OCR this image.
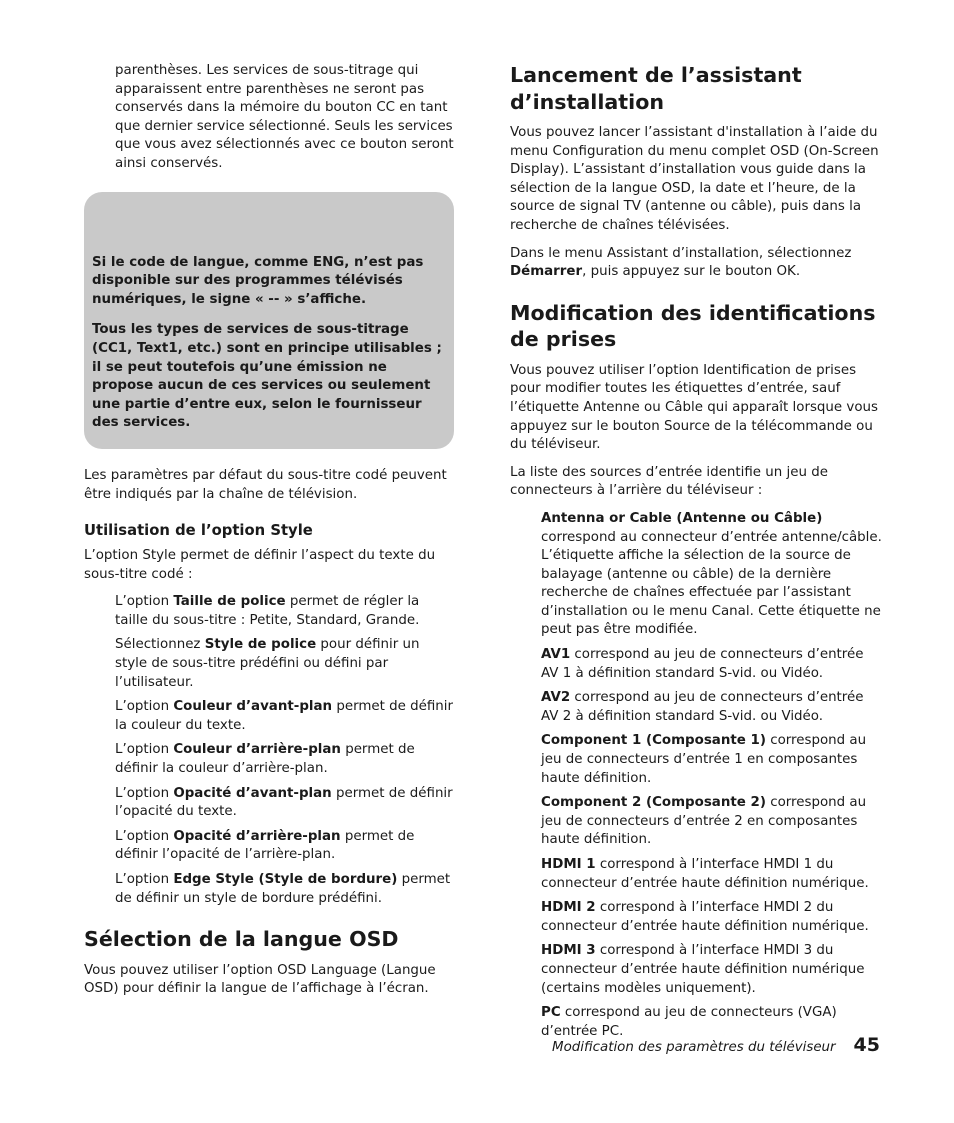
parenthèses. Les services de sous-titrage qui apparaissent entre parenthèses ne seront pas conservés dans la mémoire du bouton CC en tant que dernier service sélectionné. Seuls les services que vous avez sélectionnés avec ce bouton seront ainsi conservés.

Si le code de langue, comme ENG, n’est pas disponible sur des programmes télévisés numériques, le signe « -- » s’affiche.

Tous les types de services de sous-titrage (CC1, Text1, etc.) sont en principe utilisables ; il se peut toutefois qu’une émission ne propose aucun de ces services ou seulement une partie d’entre eux, selon le fournisseur des services.

Les paramètres par défaut du sous-titre codé peuvent être indiqués par la chaîne de télévision.

Utilisation de l’option Style

L’option Style permet de définir l’aspect du texte du sous-titre codé :

L’option Taille de police permet de régler la taille du sous-titre : Petite, Standard, Grande.

Sélectionnez Style de police pour définir un style de sous-titre prédéfini ou défini par l’utilisateur.

L’option Couleur d’avant-plan permet de définir la couleur du texte.

L’option Couleur d’arrière-plan permet de définir la couleur d’arrière-plan.

L’option Opacité d’avant-plan permet de définir l’opacité du texte.

L’option Opacité d’arrière-plan permet de définir l’opacité de l’arrière-plan.

L’option Edge Style (Style de bordure) permet de définir un style de bordure prédéfini.

Sélection de la langue OSD

Vous pouvez utiliser l’option OSD Language (Langue OSD) pour définir la langue de l’affichage à l’écran.

Lancement de l’assistant d’installation

Vous pouvez lancer l’assistant d'installation à l’aide du menu Configuration du menu complet OSD (On-Screen Display). L’assistant d’installation vous guide dans la sélection de la langue OSD, la date et l’heure, de la source de signal TV (antenne ou câble), puis dans la recherche de chaînes télévisées.

Dans le menu Assistant d’installation, sélectionnez Démarrer, puis appuyez sur le bouton OK.

Modification des identifications de prises

Vous pouvez utiliser l’option Identification de prises pour modifier toutes les étiquettes d’entrée, sauf l’étiquette Antenne ou Câble qui apparaît lorsque vous appuyez sur le bouton Source de la télécommande ou du téléviseur.

La liste des sources d’entrée identifie un jeu de connecteurs à l’arrière du téléviseur :

Antenna or Cable (Antenne ou Câble) correspond au connecteur d’entrée antenne/câble. L’étiquette affiche la sélection de la source de balayage (antenne ou câble) de la dernière recherche de chaînes effectuée par l’assistant d’installation ou le menu Canal. Cette étiquette ne peut pas être modifiée.

AV1 correspond au jeu de connecteurs d’entrée AV 1 à définition standard S-vid. ou Vidéo.

AV2 correspond au jeu de connecteurs d’entrée AV 2 à définition standard S-vid. ou Vidéo.

Component 1 (Composante 1) correspond au jeu de connecteurs d’entrée 1 en composantes haute définition.

Component 2 (Composante 2) correspond au jeu de connecteurs d’entrée 2 en composantes haute définition.

HDMI 1 correspond à l’interface HMDI 1 du connecteur d’entrée haute définition numérique.

HDMI 2 correspond à l’interface HMDI 2 du connecteur d’entrée haute définition numérique.

HDMI 3 correspond à l’interface HMDI 3 du connecteur d’entrée haute définition numérique (certains modèles uniquement).

PC correspond au jeu de connecteurs (VGA) d’entrée PC.

Modification des paramètres du téléviseur 45
